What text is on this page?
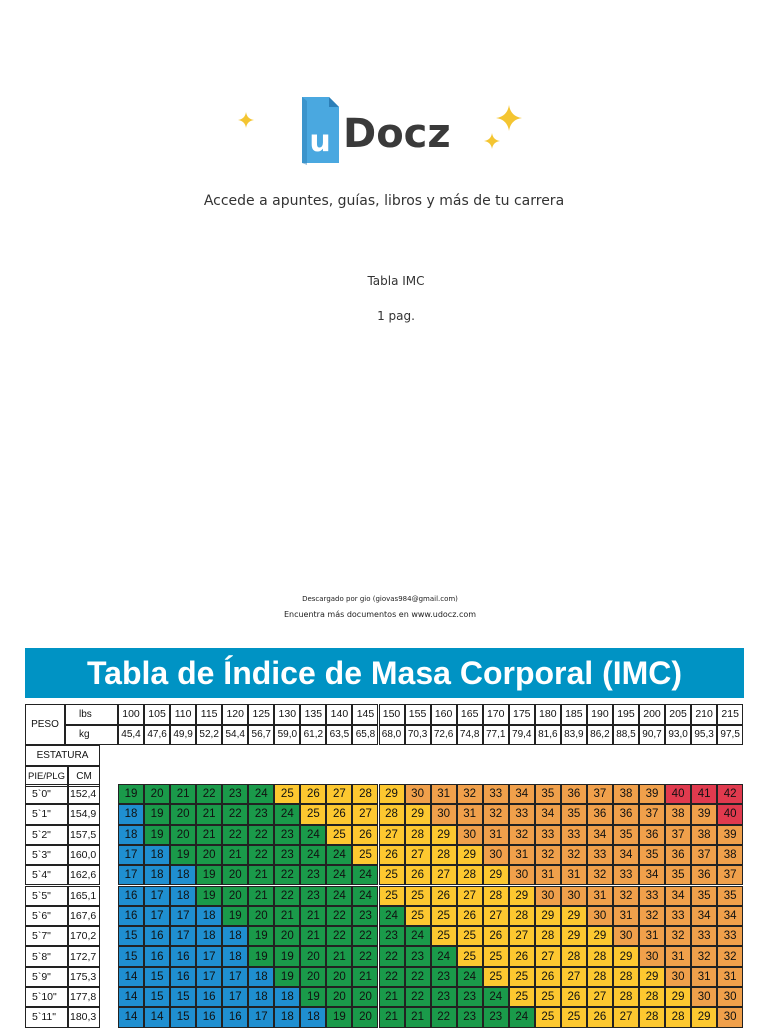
u Docz
Accede a apuntes, guías, libros y más de tu carrera
Tabla IMC
1 pag.
Descargado por gio (giovas984@gmail.com)
Encuentra más documentos en www.udocz.com
Tabla de Índice de Masa Corporal (IMC)
PESO
lbs
kg
100 105 110 115 120 125 130 135 140 145 150 155 160 165 170 175 180 185 190 195 200 205 210 215
45,4 47,6 49,9 52,2 54,4 56,7 59,0 61,2 63,5 65,8 68,0 70,3 72,6 74,8 77,1 79,4 81,6 83,9 86,2 88,5 90,7 93,0 95,3 97,5
ESTATURA
PIE/PLG	CM
5`0"	152,4	19	20	21	22	23	24	25	26	27	28	29	30	31	32	33	34	35	36	37	38	39	40	41	42
5`1"	154,9	18	19	20	21	22	23	24	25	26	27	28	29	30	31	32	33	34	35	36	36	37	38	39	40
5`2"	157,5	18	19	20	21	22	22	23	24	25	26	27	28	29	30	31	32	33	33	34	35	36	37	38	39
5`3"	160,0	17	18	19	20	21	22	23	24	24	25	26	27	28	29	30	31	32	32	33	34	35	36	37	38
5`4"	162,6	17	18	18	19	20	21	22	23	24	24	25	26	27	28	29	30	31	31	32	33	34	35	36	37
5`5"	165,1	16	17	18	19	20	21	22	23	24	24	25	25	26	27	28	29	30	30	31	32	33	34	35	35
5`6"	167,6	16	17	17	18	19	20	21	21	22	23	24	25	25	26	27	28	29	29	30	31	32	33	34	34
5`7"	170,2	15	16	17	18	18	19	20	21	22	22	23	24	25	25	26	27	28	29	29	30	31	32	33	33
5`8"	172,7	15	16	16	17	18	19	19	20	21	22	22	23	24	25	25	26	27	28	28	29	30	31	32	32
5`9"	175,3	14	15	16	17	17	18	19	20	20	21	22	22	23	24	25	25	26	27	28	28	29	30	31	31
5`10"	177,8	14	15	15	16	17	18	18	19	20	20	21	22	23	23	24	25	25	26	27	28	28	29	30	30
5`11"	180,3	14	14	15	16	16	17	18	18	19	20	21	21	22	23	23	24	25	25	26	27	28	28	29	30
